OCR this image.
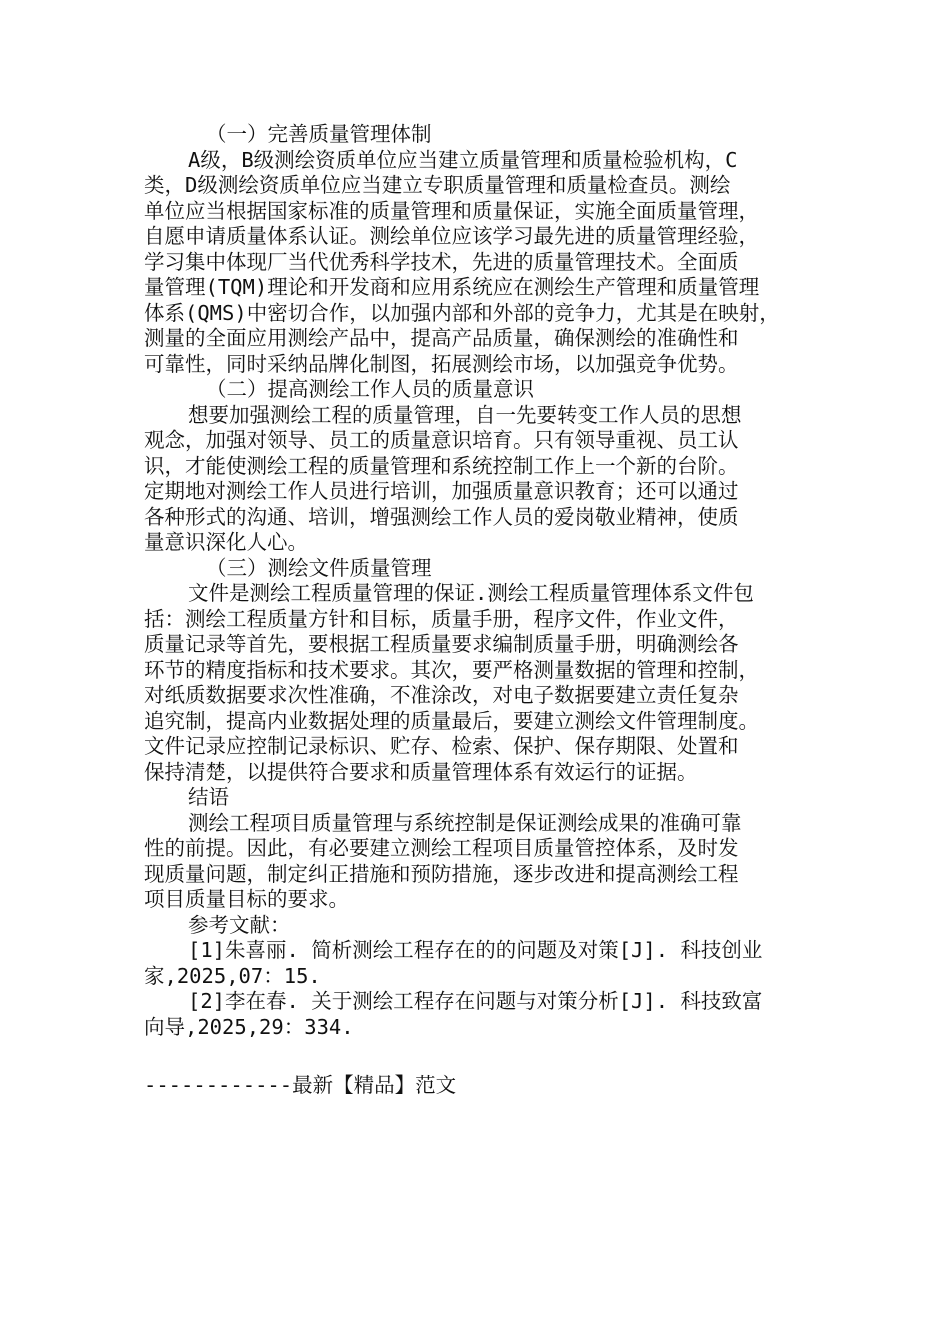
（一）完善质量管理体制
A级，B级测绘资质单位应当建立质量管理和质量检验机构，C
类，D级测绘资质单位应当建立专职质量管理和质量检查员。测绘
单位应当根据国家标准的质量管理和质量保证，实施全面质量管理，
自愿申请质量体系认证。测绘单位应该学习最先进的质量管理经验，
学习集中体现厂当代优秀科学技术，先进的质量管理技术。全面质
量管理(TQM)理论和开发商和应用系统应在测绘生产管理和质量管理
体系(QMS)中密切合作，以加强内部和外部的竞争力，尤其是在映射，
测量的全面应用测绘产品中，提高产品质量，确保测绘的准确性和
可靠性，同时采纳品牌化制图，拓展测绘市场，以加强竞争优势。
（二）提高测绘工作人员的质量意识
想要加强测绘工程的质量管理，自一先要转变工作人员的思想
观念，加强对领导、员工的质量意识培育。只有领导重视、员工认
识，才能使测绘工程的质量管理和系统控制工作上一个新的台阶。
定期地对测绘工作人员进行培训，加强质量意识教育；还可以通过
各种形式的沟通、培训，增强测绘工作人员的爱岗敬业精神，使质
量意识深化人心。
（三）测绘文件质量管理
文件是测绘工程质量管理的保证.测绘工程质量管理体系文件包
括：测绘工程质量方针和目标，质量手册，程序文件，作业文件，
质量记录等首先，要根据工程质量要求编制质量手册，明确测绘各
环节的精度指标和技术要求。其次，要严格测量数据的管理和控制，
对纸质数据要求次性准确，不准涂改，对电子数据要建立责任复杂
追究制，提高内业数据处理的质量最后，要建立测绘文件管理制度。
文件记录应控制记录标识、贮存、检索、保护、保存期限、处置和
保持清楚，以提供符合要求和质量管理体系有效运行的证据。
结语
测绘工程项目质量管理与系统控制是保证测绘成果的准确可靠
性的前提。因此，有必要建立测绘工程项目质量管控体系，及时发
现质量问题，制定纠正措施和预防措施，逐步改进和提高测绘工程
项目质量目标的要求。
参考文献：
[1]朱喜丽. 简析测绘工程存在的的问题及对策[J]. 科技创业
家,2025,07：15.
[2]李在春. 关于测绘工程存在问题与对策分析[J]. 科技致富
向导,2025,29：334.
------------最新【精品】范文
